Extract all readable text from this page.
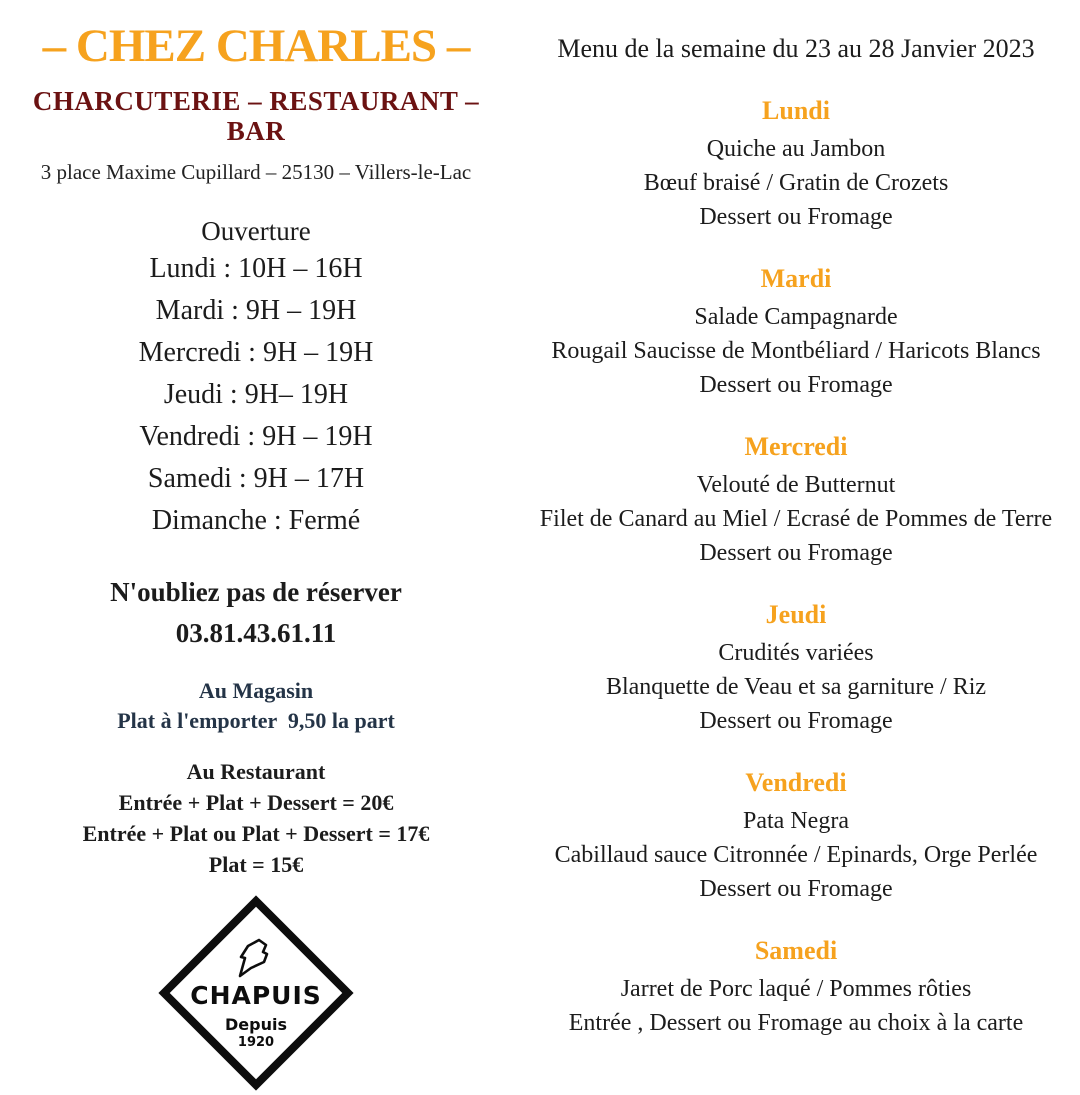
– CHEZ CHARLES –
CHARCUTERIE – RESTAURANT – BAR
3 place Maxime Cupillard – 25130 – Villers-le-Lac
Ouverture
Lundi : 10H – 16H
Mardi : 9H – 19H
Mercredi : 9H – 19H
Jeudi : 9H– 19H
Vendredi : 9H – 19H
Samedi : 9H – 17H
Dimanche : Fermé
N'oubliez pas de réserver
03.81.43.61.11
Au Magasin
Plat à l'emporter  9,50 la part
Au Restaurant
Entrée + Plat + Dessert = 20€
Entrée + Plat ou Plat + Dessert = 17€
Plat = 15€
CHAPUIS
Depuis
1920
Menu de la semaine du 23 au 28 Janvier 2023
Lundi
Quiche au Jambon
Bœuf braisé / Gratin de Crozets
Dessert ou Fromage
Mardi
Salade Campagnarde
Rougail Saucisse de Montbéliard / Haricots Blancs
Dessert ou Fromage
Mercredi
Velouté de Butternut
Filet de Canard au Miel / Ecrasé de Pommes de Terre
Dessert ou Fromage
Jeudi
Crudités variées
Blanquette de Veau et sa garniture / Riz
Dessert ou Fromage
Vendredi
Pata Negra
Cabillaud sauce Citronnée / Epinards, Orge Perlée
Dessert ou Fromage
Samedi
Jarret de Porc laqué / Pommes rôties
Entrée , Dessert ou Fromage au choix à la carte
